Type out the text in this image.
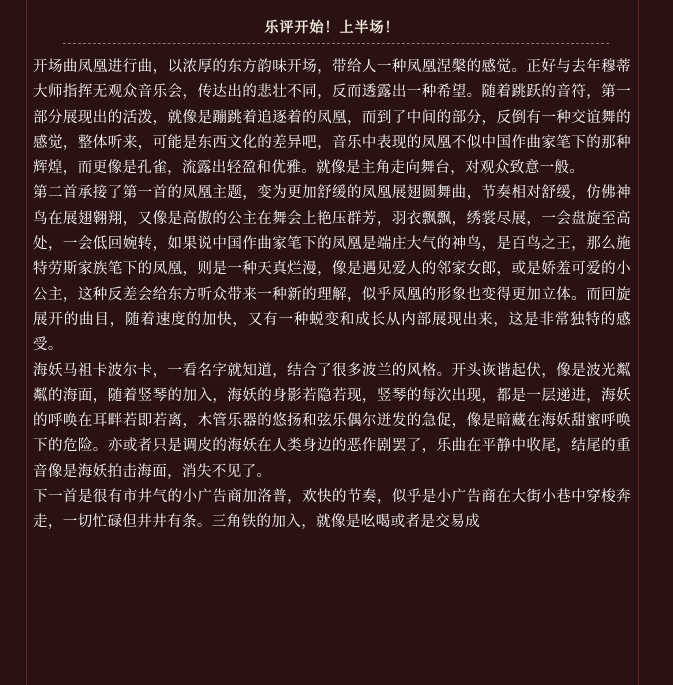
乐评开始！上半场！

开场曲凤凰进行曲，以浓厚的东方韵味开场，带给人一种凤凰涅槃的感觉。正好与去年穆蒂大师指挥无观众音乐会，传达出的悲壮不同，反而透露出一种希望。随着跳跃的音符，第一部分展现出的活泼，就像是蹦跳着追逐着的凤凰，而到了中间的部分，反倒有一种交谊舞的感觉，整体听来，可能是东西文化的差异吧，音乐中表现的凤凰不似中国作曲家笔下的那种辉煌，而更像是孔雀，流露出轻盈和优雅。就像是主角走向舞台，对观众致意一般。

第二首承接了第一首的凤凰主题，变为更加舒缓的凤凰展翅圆舞曲，节奏相对舒缓，仿佛神鸟在展翅翱翔，又像是高傲的公主在舞会上艳压群芳，羽衣飘飘，绣裳尽展，一会盘旋至高处，一会低回婉转，如果说中国作曲家笔下的凤凰是端庄大气的神鸟，是百鸟之王，那么施特劳斯家族笔下的凤凰，则是一种天真烂漫，像是遇见爱人的邻家女郎，或是娇羞可爱的小公主，这种反差会给东方听众带来一种新的理解，似乎凤凰的形象也变得更加立体。而回旋展开的曲目，随着速度的加快，又有一种蜕变和成长从内部展现出来，这是非常独特的感受。

海妖马祖卡波尔卡，一看名字就知道，结合了很多波兰的风格。开头诙谐起伏，像是波光粼粼的海面，随着竖琴的加入，海妖的身影若隐若现，竖琴的每次出现，都是一层递进，海妖的呼唤在耳畔若即若离，木管乐器的悠扬和弦乐偶尔迸发的急促，像是暗藏在海妖甜蜜呼唤下的危险。亦或者只是调皮的海妖在人类身边的恶作剧罢了，乐曲在平静中收尾，结尾的重音像是海妖拍击海面，消失不见了。

下一首是很有市井气的小广告商加洛普，欢快的节奏，似乎是小广告商在大街小巷中穿梭奔走，一切忙碌但井井有条。三角铁的加入，就像是吆喝或者是交易成
